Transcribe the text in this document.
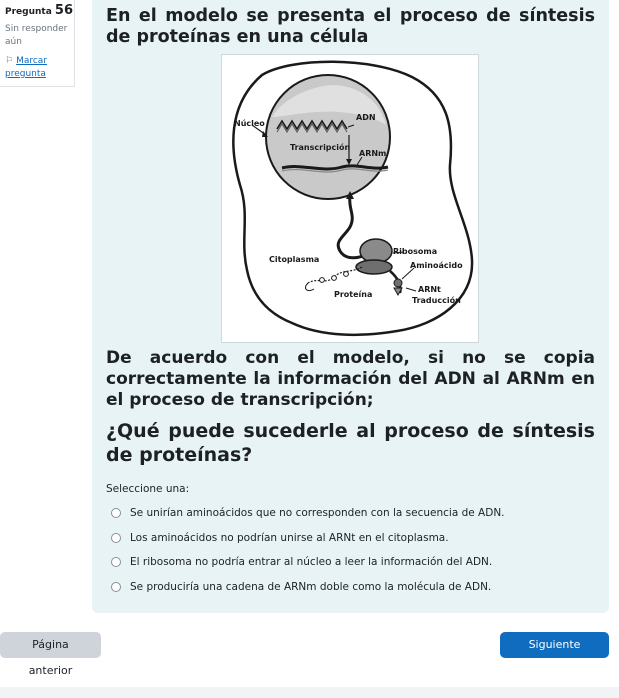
Pregunta 56
Sin responder aún
⚐ Marcar pregunta
En el modelo se presenta el proceso de síntesis de proteínas en una célula
Núcleo
ADN
Transcripción
ARNm
Citoplasma
Ribosoma
Aminoácido
Proteína
ARNt
Traducción
De acuerdo con el modelo, si no se copia correctamente la información del ADN al ARNm en el proceso de transcripción;
¿Qué puede sucederle al proceso de síntesis de proteínas?
Seleccione una:
Se unirían aminoácidos que no corresponden con la secuencia de ADN.
Los aminoácidos no podrían unirse al ARNt en el citoplasma.
El ribosoma no podría entrar al núcleo a leer la información del ADN.
Se produciría una cadena de ARNm doble como la molécula de ADN.
Página anterior
Siguiente página
